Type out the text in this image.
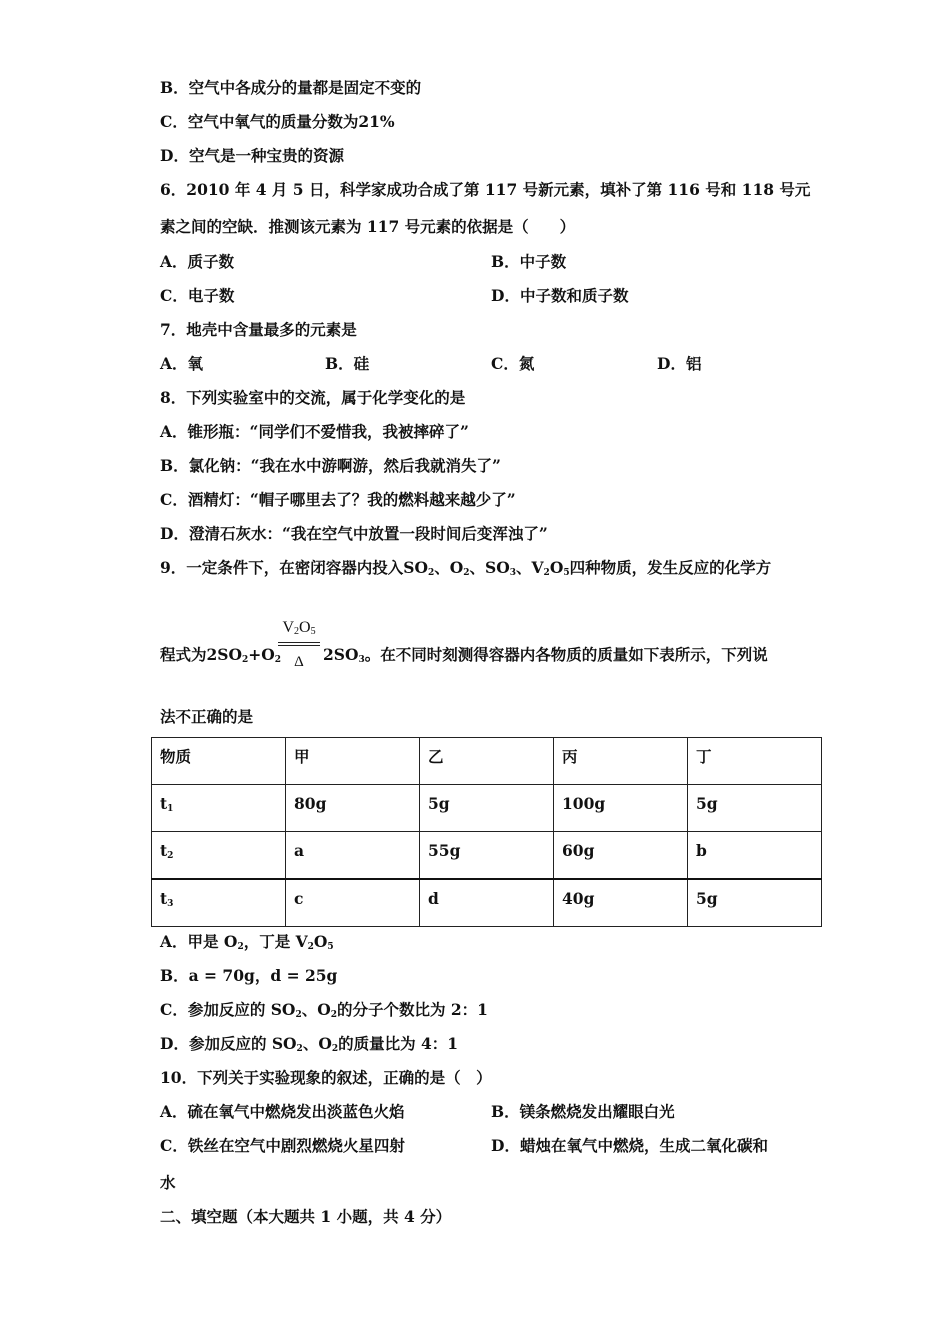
B．空气中各成分的量都是固定不变的
C．空气中氧气的质量分数为21%
D．空气是一种宝贵的资源
6．2010 年 4 月 5 日，科学家成功合成了第 117 号新元素，填补了第 116 号和 118 号元
素之间的空缺．推测该元素为 117 号元素的依据是（　　）
A．质子数	B．中子数
C．电子数	D．中子数和质子数
7．地壳中含量最多的元素是
A．氧	B．硅	C．氮	D．铝
8．下列实验室中的交流，属于化学变化的是
A．锥形瓶：“同学们不爱惜我，我被摔碎了”
B．氯化钠：“我在水中游啊游，然后我就消失了”
C．酒精灯：“帽子哪里去了？我的燃料越来越少了”
D．澄清石灰水：“我在空气中放置一段时间后变浑浊了”
9．一定条件下，在密闭容器内投入$SO_2$、$O_2$、$SO_3$、$V_2O_5$四种物质，发生反应的化学方
$V_2O_5$
Δ
程式为$2SO_2+O_2$	$2SO_3$。在不同时刻测得容器内各物质的质量如下表所示，下列说
法不正确的是
物质	甲	乙	丙	丁
$t_1$	80g	5g	100g	5g
$t_2$	a	55g	60g	b
$t_3$	c	d	40g	5g
A．甲是 $O_2$，丁是 $V_2O_5$
B．a = 70g，d = 25g
C．参加反应的 $SO_2$、$O_2$的分子个数比为 2：1
D．参加反应的 $SO_2$、$O_2$的质量比为 4：1
10．下列关于实验现象的叙述，正确的是（　）
A．硫在氧气中燃烧发出淡蓝色火焰	B．镁条燃烧发出耀眼白光
C．铁丝在空气中剧烈燃烧火星四射	D．蜡烛在氧气中燃烧，生成二氧化碳和
水
二、填空题（本大题共 1 小题，共 4 分）
